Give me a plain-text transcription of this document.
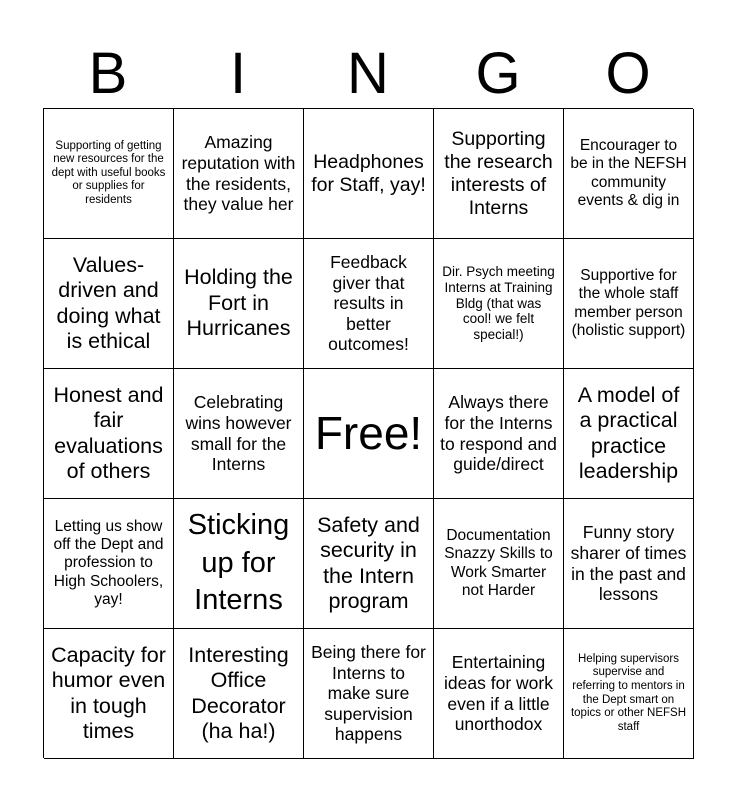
B	I	N	G	O
Supporting of getting new resources for the dept with useful books or supplies for residents
Amazing reputation with the residents, they value her
Headphones for Staff, yay!
Supporting the research interests of Interns
Encourager to be in the NEFSH community events & dig in
Values-driven and doing what is ethical
Holding the Fort in Hurricanes
Feedback giver that results in better outcomes!
Dir. Psych meeting Interns at Training Bldg (that was cool! we felt special!)
Supportive for the whole staff member person (holistic support)
Honest and fair evaluations of others
Celebrating wins however small for the Interns
Free!
Always there for the Interns to respond and guide/direct
A model of a practical practice leadership
Letting us show off the Dept and profession to High Schoolers, yay!
Sticking up for Interns
Safety and security in the Intern program
Documentation Snazzy Skills to Work Smarter not Harder
Funny story sharer of times in the past and lessons
Capacity for humor even in tough times
Interesting Office Decorator (ha ha!)
Being there for Interns to make sure supervision happens
Entertaining ideas for work even if a little unorthodox
Helping supervisors supervise and referring to mentors in the Dept smart on topics or other NEFSH staff
